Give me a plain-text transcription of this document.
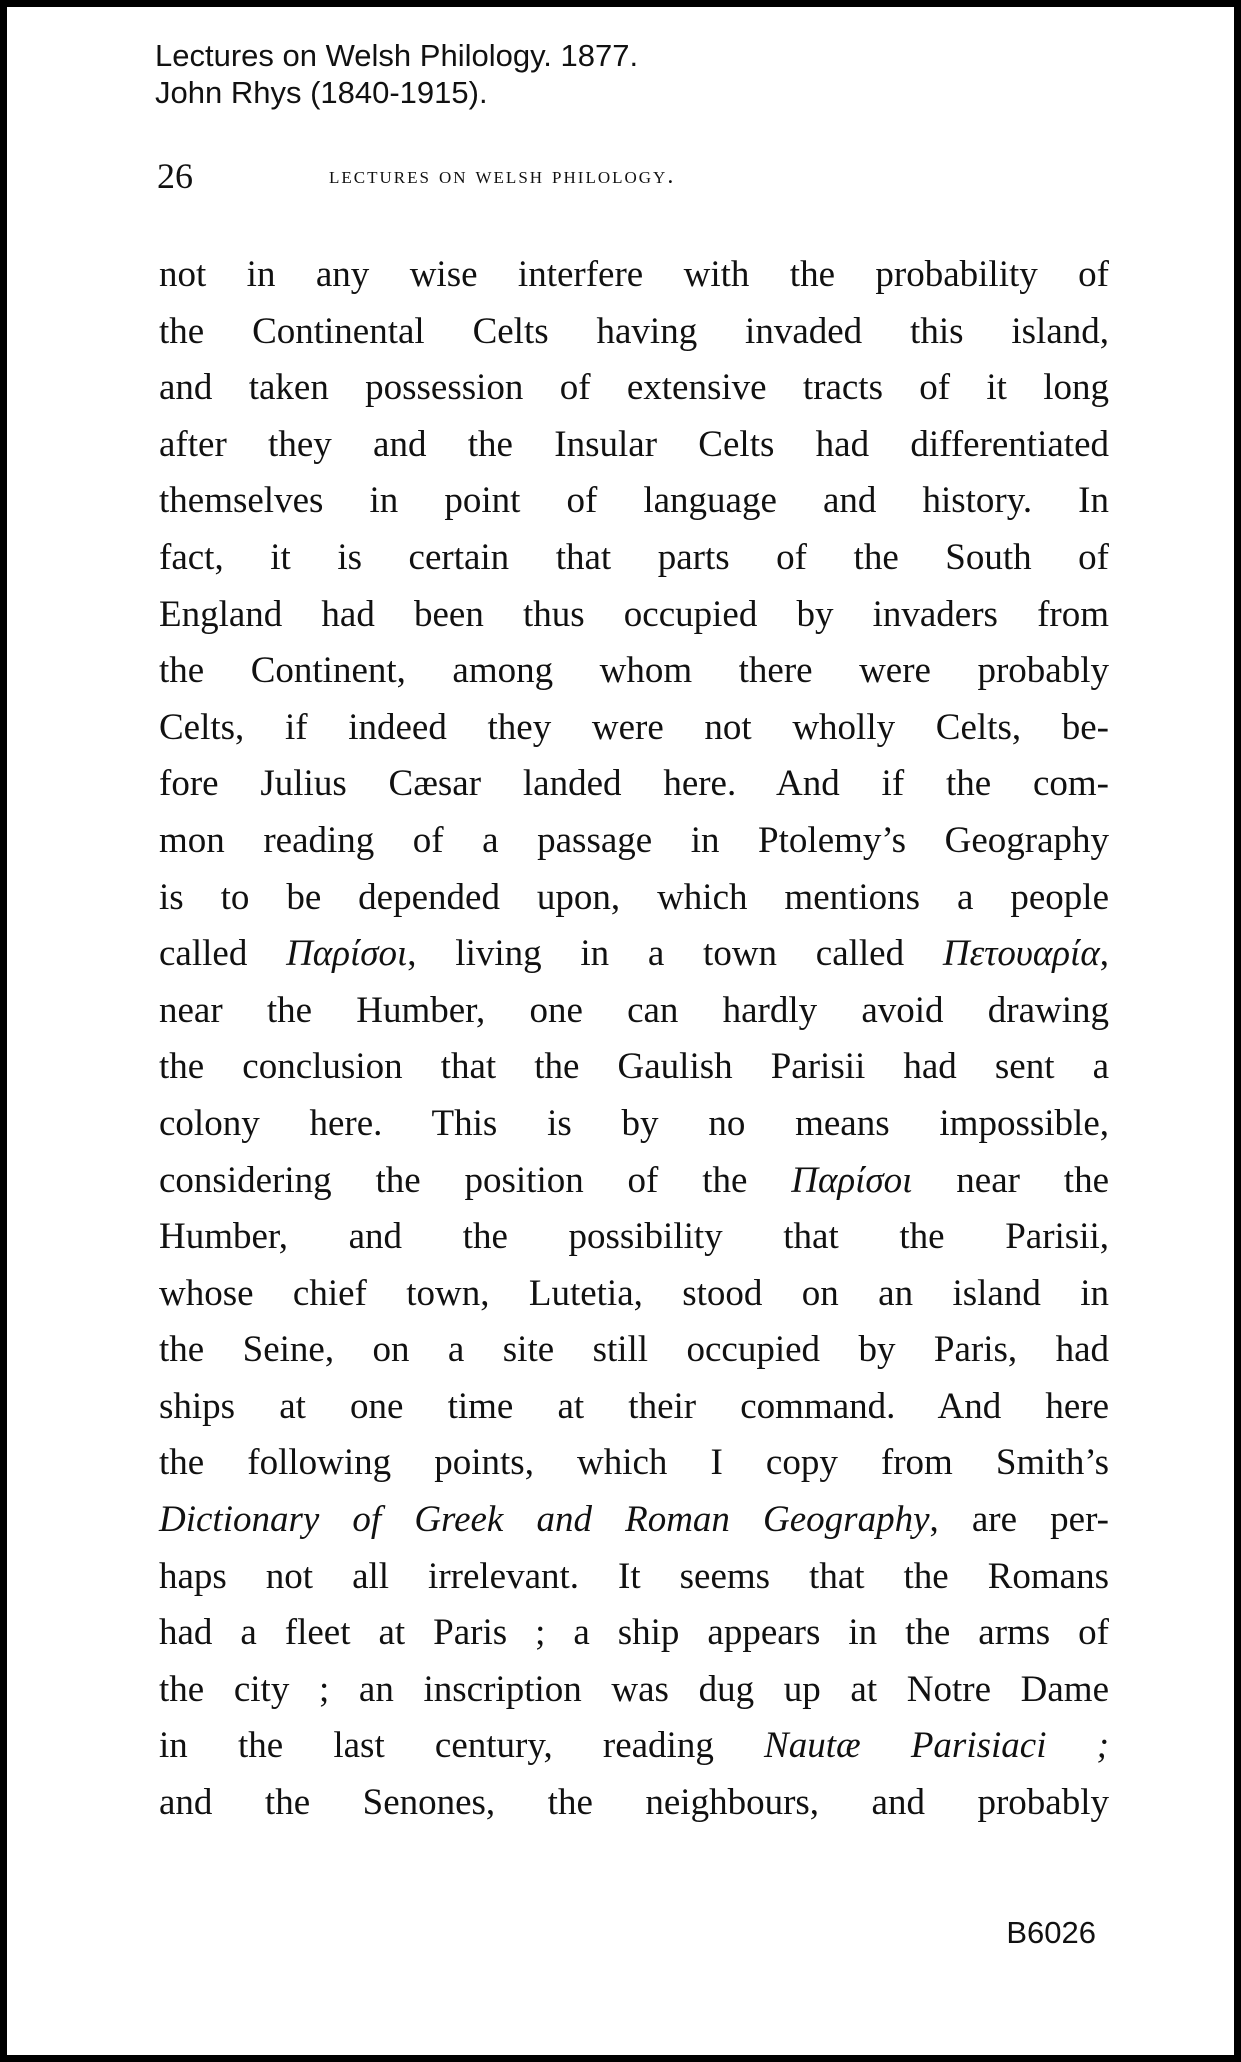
Lectures on Welsh Philology. 1877.
John Rhys (1840-1915).
26	lectures on welsh philology.
not in any wise interfere with the probability of
the Continental Celts having invaded this island,
and taken possession of extensive tracts of it long
after they and the Insular Celts had differentiated
themselves in point of language and history. In
fact, it is certain that parts of the South of
England had been thus occupied by invaders from
the Continent, among whom there were probably
Celts, if indeed they were not wholly Celts, be-
fore Julius Cæsar landed here. And if the com-
mon reading of a passage in Ptolemy’s Geography
is to be depended upon, which mentions a people
called Παρίσοι, living in a town called Πετουαρία,
near the Humber, one can hardly avoid drawing
the conclusion that the Gaulish Parisii had sent a
colony here. This is by no means impossible,
considering the position of the Παρίσοι near the
Humber, and the possibility that the Parisii,
whose chief town, Lutetia, stood on an island in
the Seine, on a site still occupied by Paris, had
ships at one time at their command. And here
the following points, which I copy from Smith’s
Dictionary of Greek and Roman Geography, are per-
haps not all irrelevant. It seems that the Romans
had a fleet at Paris ; a ship appears in the arms of
the city ; an inscription was dug up at Notre Dame
in the last century, reading Nautæ Parisiaci ;
and the Senones, the neighbours, and probably
B6026
